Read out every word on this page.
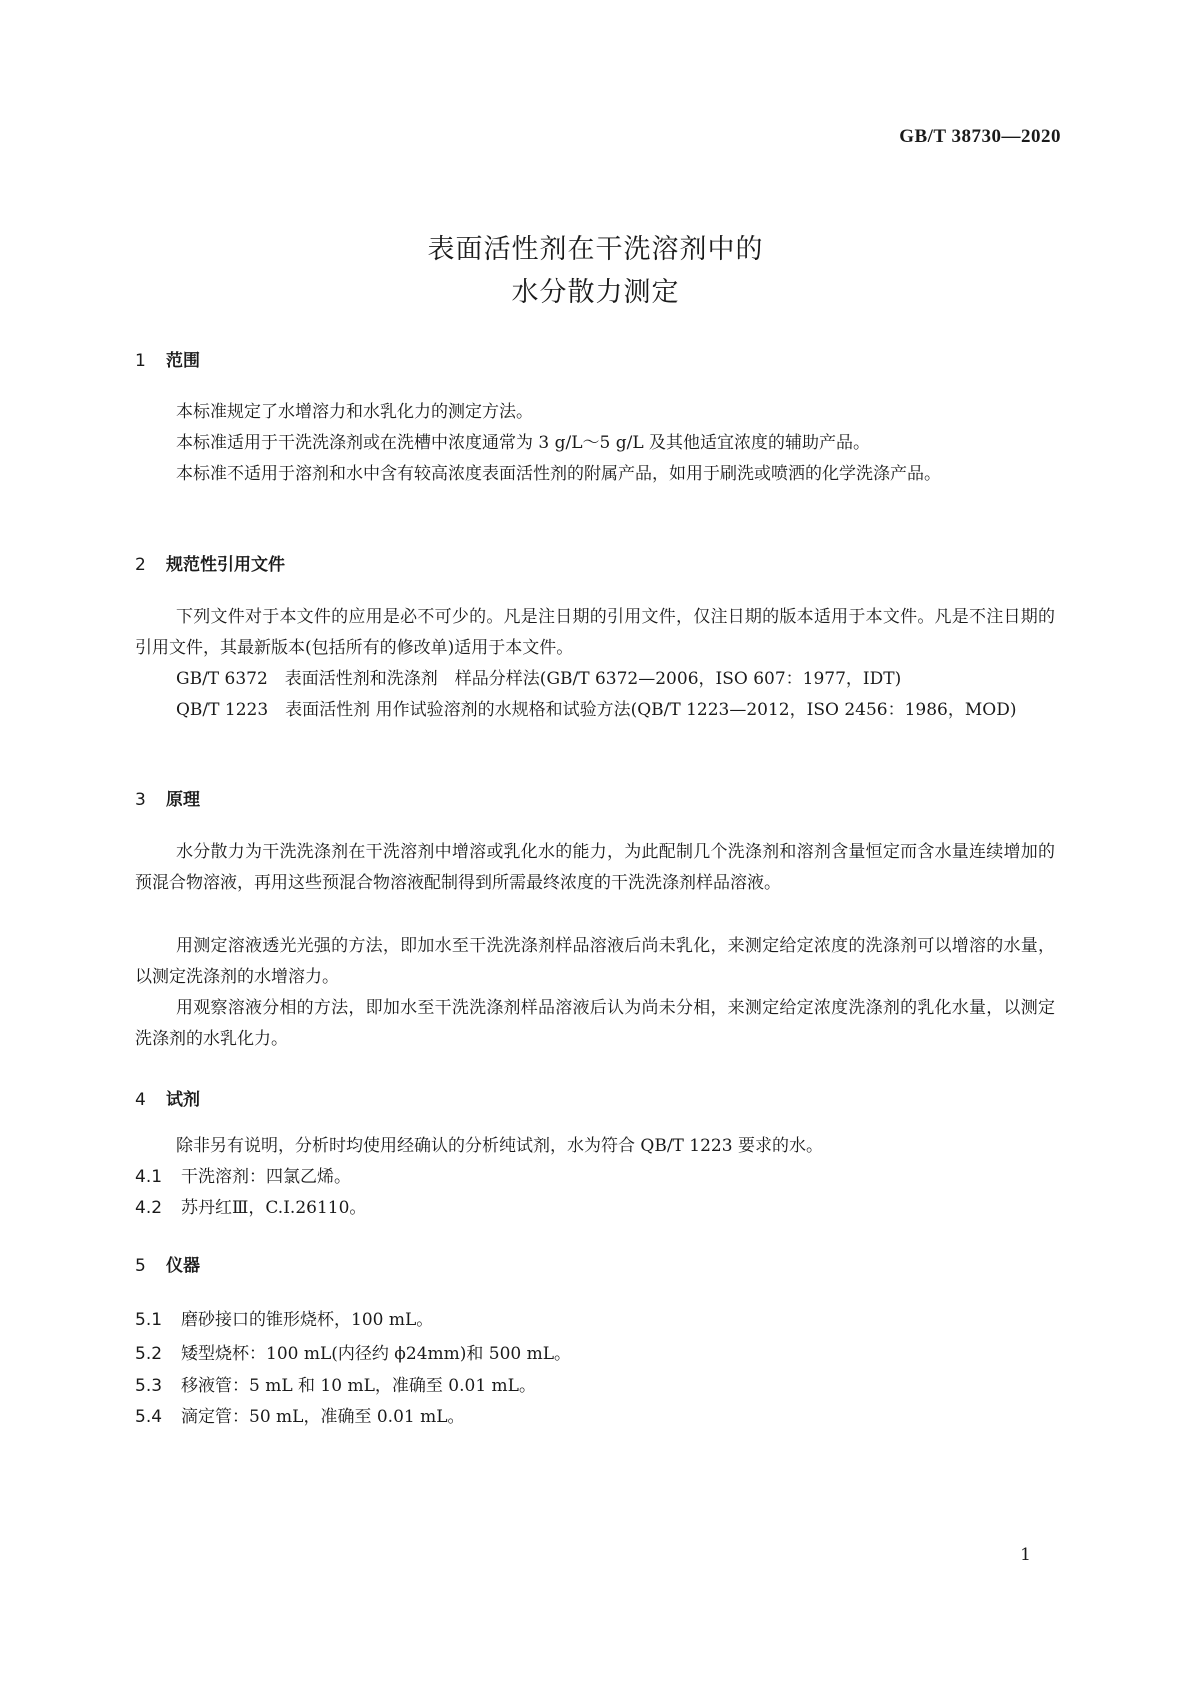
GB/T 38730—2020
表面活性剂在干洗溶剂中的
水分散力测定
1 范围
本标准规定了水增溶力和水乳化力的测定方法。
本标准适用于干洗洗涤剂或在洗槽中浓度通常为 3 g/L～5 g/L 及其他适宜浓度的辅助产品。
本标准不适用于溶剂和水中含有较高浓度表面活性剂的附属产品，如用于刷洗或喷洒的化学洗涤产品。
2 规范性引用文件
下列文件对于本文件的应用是必不可少的。凡是注日期的引用文件，仅注日期的版本适用于本文件。凡是不注日期的引用文件，其最新版本(包括所有的修改单)适用于本文件。
GB/T 6372　表面活性剂和洗涤剂　样品分样法(GB/T 6372—2006，ISO 607：1977，IDT)
QB/T 1223　表面活性剂 用作试验溶剂的水规格和试验方法(QB/T 1223—2012，ISO 2456：1986，MOD)
3 原理
水分散力为干洗洗涤剂在干洗溶剂中增溶或乳化水的能力，为此配制几个洗涤剂和溶剂含量恒定而含水量连续增加的预混合物溶液，再用这些预混合物溶液配制得到所需最终浓度的干洗洗涤剂样品溶液。
用测定溶液透光光强的方法，即加水至干洗洗涤剂样品溶液后尚未乳化，来测定给定浓度的洗涤剂可以增溶的水量，以测定洗涤剂的水增溶力。
用观察溶液分相的方法，即加水至干洗洗涤剂样品溶液后认为尚未分相，来测定给定浓度洗涤剂的乳化水量，以测定洗涤剂的水乳化力。
4 试剂
除非另有说明，分析时均使用经确认的分析纯试剂，水为符合 QB/T 1223 要求的水。
4.1 干洗溶剂：四氯乙烯。
4.2 苏丹红Ⅲ，C.I.26110。
5 仪器
5.1 磨砂接口的锥形烧杯，100 mL。
5.2 矮型烧杯：100 mL(内径约 ϕ24mm)和 500 mL。
5.3 移液管：5 mL 和 10 mL，准确至 0.01 mL。
5.4 滴定管：50 mL，准确至 0.01 mL。
1
